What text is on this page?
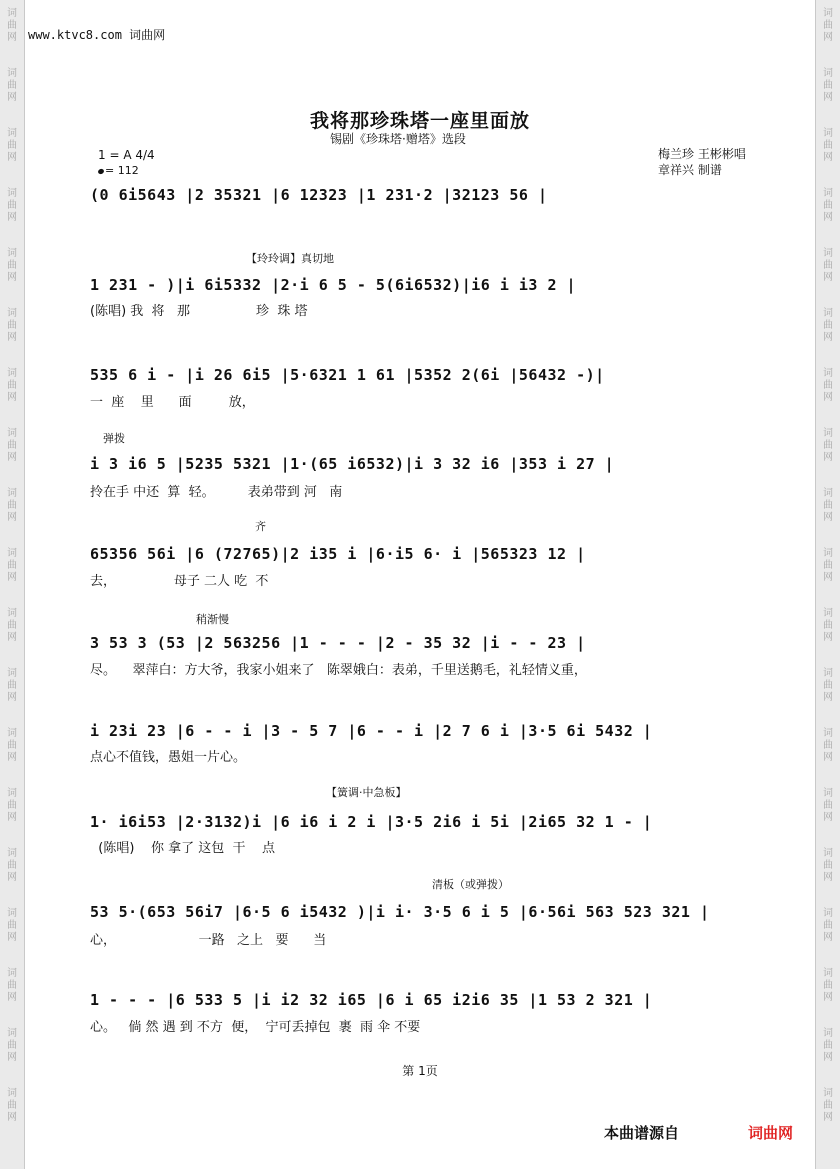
词
曲
网
词
曲
网
词
曲
网
词
曲
网
词
曲
网
词
曲
网
词
曲
网
词
曲
网
词
曲
网
词
曲
网
词
曲
网
词
曲
网
词
曲
网
词
曲
网
词
曲
网
词
曲
网
词
曲
网
词
曲
网
词
曲
网
词
曲
网
词
曲
网
词
曲
网
词
曲
网
词
曲
网
词
曲
网
词
曲
网
词
曲
网
词
曲
网
词
曲
网
词
曲
网
词
曲
网
词
曲
网
词
曲
网
词
曲
网
词
曲
网
词
曲
网
词
曲
网
词
曲
网
www.ktvc8.com 词曲网
我将那珍珠塔一座里面放
锡剧《珍珠塔·赠塔》选段
1 = A 4/4
= 112
梅兰珍 王彬彬唱
章祥兴 制谱
【玲玲调】真切地
弹拨
齐
稍渐慢
【簧调·中急板】
清板（或弹拨）
(0 6i5643 |2 35321 |6 12323 |1 231·2 |32123 56 |
1 231 - )|i 6i5332 |2·i 6 5 - 5(6i6532)|i6 i i3 2 |
(陈唱) 我  将   那                珍  珠 塔
535 6 i - |i 26 6i5 |5·6321 1 61 |5352 2(6i |56432 -)|
一  座    里      面         放，
i 3 i6 5 |5235 5321 |1·(65 i6532)|i 3 32 i6 |353 i 27 |
拎在手 中还  算  轻。        表弟带到 河   南
65356 56i |6 (72765)|2 i35 i |6·i5 6· i |565323 12 |
去，              母子 二人 吃  不
3 53 3 (53 |2 563256 |1 - - - |2 - 35 32 |i - - 23 |
尽。    翠萍白：方大爷，我家小姐来了   陈翠娥白：表弟，千里送鹅毛，礼轻情义重，
i 23i 23 |6 - - i |3 - 5 7 |6 - - i |2 7 6 i |3·5 6i 5432 |
点心不值钱，愚姐一片心。
1· i6i53 |2·3132)i |6 i6 i 2 i |3·5 2i6 i 5i |2i65 32 1 - |
(陈唱)    你 拿了 这包  干    点
53 5·(653 56i7 |6·5 6 i5432 )|i i· 3·5 6 i 5 |6·56i 563 523 321 |
心，                    一路   之上   要      当
1 - - - |6 533 5 |i i2 32 i65 |6 i 65 i2i6 35 |1 53 2 321 |
心。   倘 然 遇 到 不方  便，  宁可丢掉包  裹  雨 伞 不要
第 1页
本曲谱源自	词曲网
